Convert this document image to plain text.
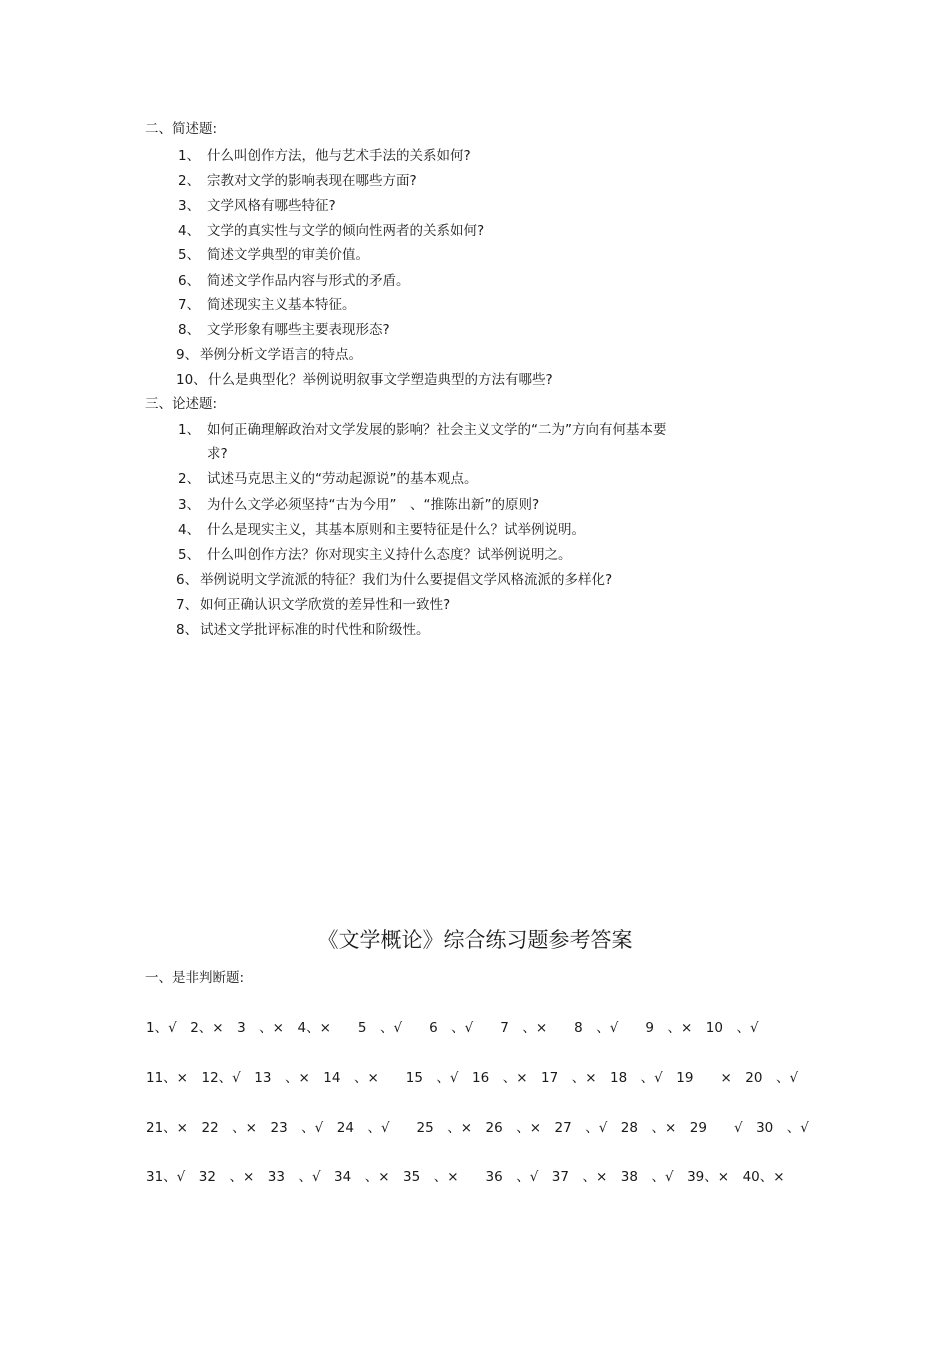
二、简述题:
1、 什么叫创作方法，他与艺术手法的关系如何?
2、 宗教对文学的影响表现在哪些方面?
3、 文学风格有哪些特征?
4、 文学的真实性与文学的倾向性两者的关系如何?
5、 简述文学典型的审美价值。
6、 简述文学作品内容与形式的矛盾。
7、 简述现实主义基本特征。
8、 文学形象有哪些主要表现形态?
9、 举例分析文学语言的特点。
10、 什么是典型化？举例说明叙事文学塑造典型的方法有哪些?
三、论述题:
1、 如何正确理解政治对文学发展的影响？社会主义文学的“二为”方向有何基本要
求?
2、 试述马克思主义的“劳动起源说”的基本观点。
3、 为什么文学必须坚持“古为今用”　、“推陈出新”的原则?
4、 什么是现实主义，其基本原则和主要特征是什么？试举例说明。
5、 什么叫创作方法？你对现实主义持什么态度？试举例说明之。
6、 举例说明文学流派的特征？我们为什么要提倡文学风格流派的多样化?
7、 如何正确认识文学欣赏的差异性和一致性?
8、 试述文学批评标准的时代性和阶级性。
《文学概论》综合练习题参考答案
一、是非判断题:
1、√　2、×　3　、×　4、×　　5　、√　　6　、√　　7　、×　　8　、√　　9　、×　10　、√
11、×　12、√　13　、×　14　、×　　15　、√　16　、×　17　、×　18　、√　19　　×　20　、√
21、×　22　、×　23　、√　24　、√　　25　、×　26　、×　27　、√　28　、×　29　　√　30　、√
31、√　32　、×　33　、√　34　、×　35　、×　　36　、√　37　、×　38　、√　39、×　40、×
